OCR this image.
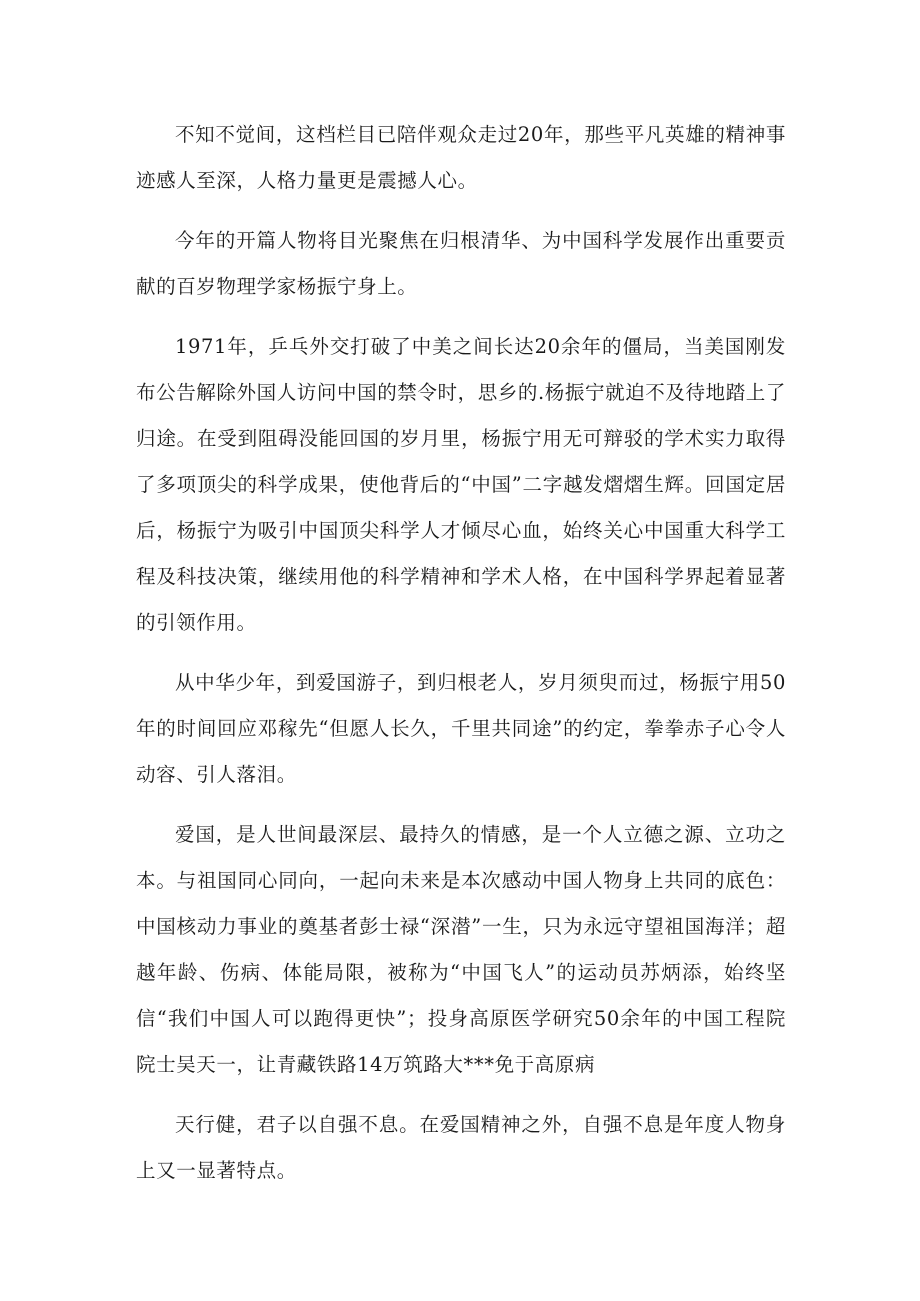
不知不觉间，这档栏目已陪伴观众走过20年，那些平凡英雄的精神事迹感人至深，人格力量更是震撼人心。

今年的开篇人物将目光聚焦在归根清华、为中国科学发展作出重要贡献的百岁物理学家杨振宁身上。

1971年，乒乓外交打破了中美之间长达20余年的僵局，当美国刚发布公告解除外国人访问中国的禁令时，思乡的.杨振宁就迫不及待地踏上了归途。在受到阻碍没能回国的岁月里，杨振宁用无可辩驳的学术实力取得了多项顶尖的科学成果，使他背后的“中国”二字越发熠熠生辉。回国定居后，杨振宁为吸引中国顶尖科学人才倾尽心血，始终关心中国重大科学工程及科技决策，继续用他的科学精神和学术人格，在中国科学界起着显著的引领作用。

从中华少年，到爱国游子，到归根老人，岁月须臾而过，杨振宁用50年的时间回应邓稼先“但愿人长久，千里共同途”的约定，拳拳赤子心令人动容、引人落泪。

爱国，是人世间最深层、最持久的情感，是一个人立德之源、立功之本。与祖国同心同向，一起向未来是本次感动中国人物身上共同的底色：中国核动力事业的奠基者彭士禄“深潜”一生，只为永远守望祖国海洋；超越年龄、伤病、体能局限，被称为“中国飞人”的运动员苏炳添，始终坚信“我们中国人可以跑得更快”；投身高原医学研究50余年的中国工程院院士吴天一，让青藏铁路14万筑路大***免于高原病

天行健，君子以自强不息。在爱国精神之外，自强不息是年度人物身上又一显著特点。
